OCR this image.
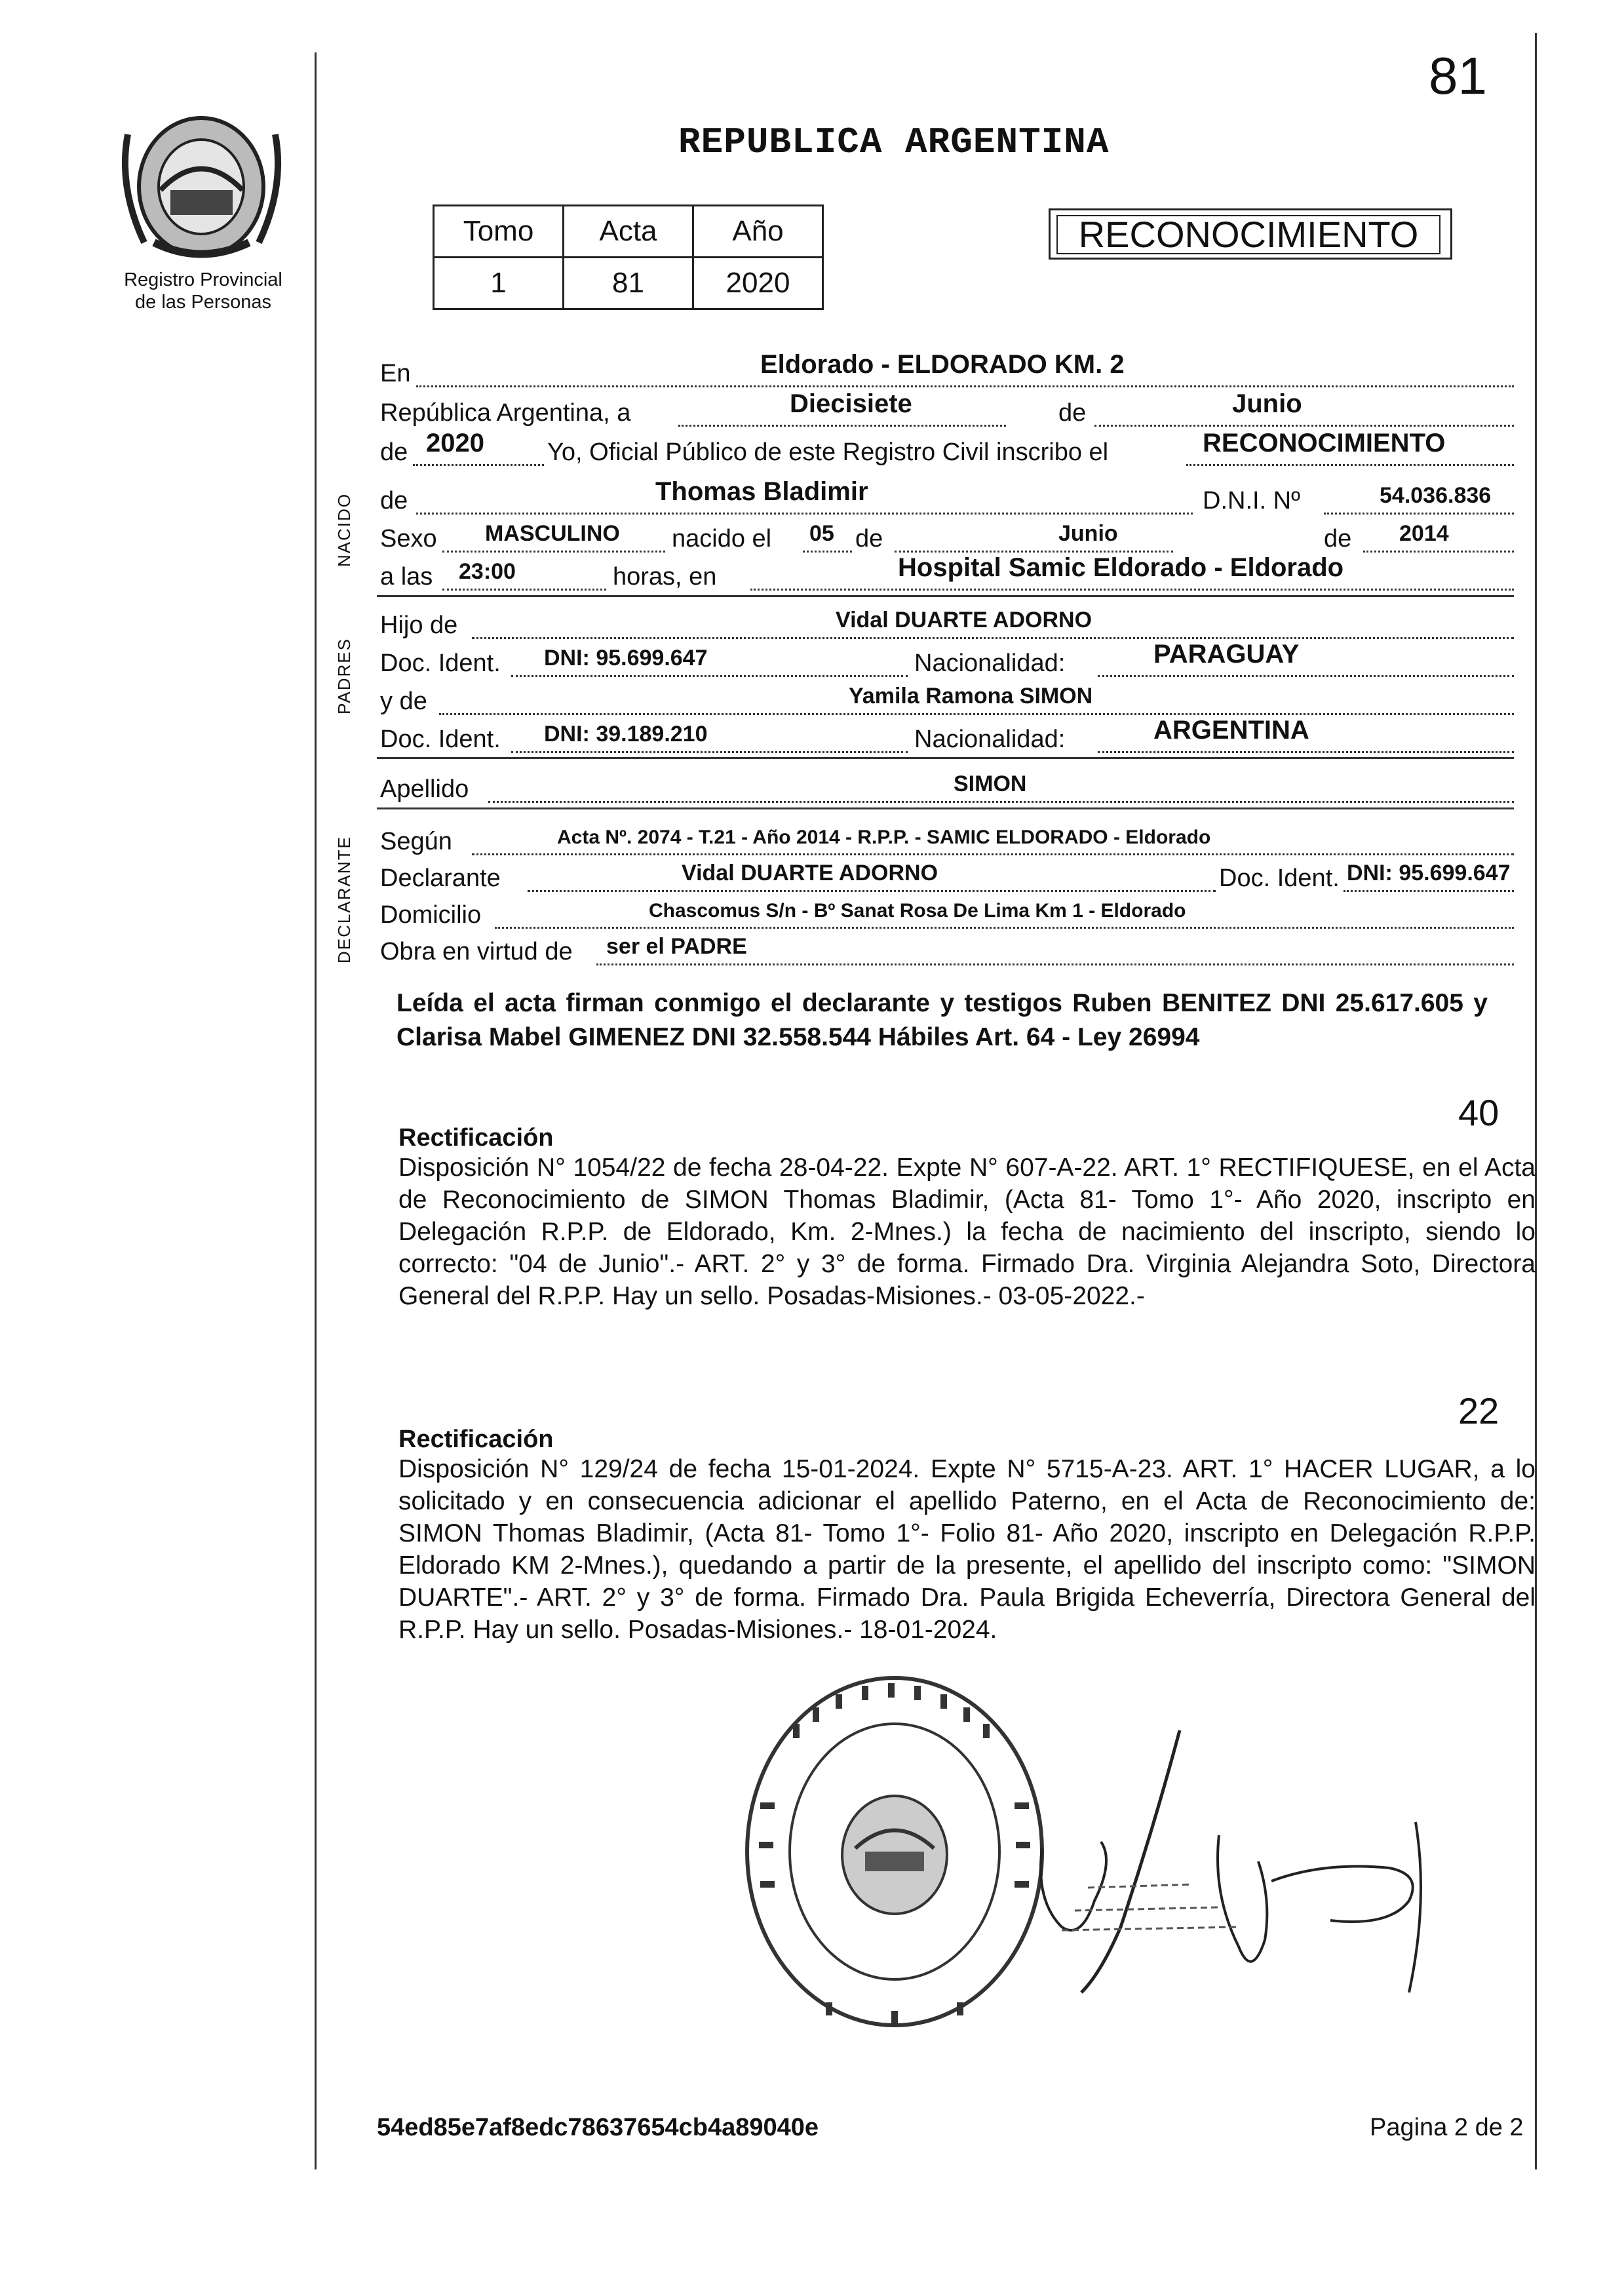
Registro Provincial
de las Personas
81
REPUBLICA ARGENTINA
Tomo	Acta	Año
1	81	2020
RECONOCIMIENTO
En	Eldorado - ELDORADO KM. 2
República Argentina, a	Diecisiete	de	Junio
de 2020	Yo, Oficial Público de este Registro Civil inscribo el	RECONOCIMIENTO
NACIDO de	Thomas Bladimir	D.N.I. Nº	54.036.836
Sexo MASCULINO nacido el 05 de	Junio	de 2014
a las 23:00	horas, en	Hospital Samic Eldorado - Eldorado
PADRES
Hijo de	Vidal DUARTE ADORNO
Doc. Ident. DNI: 95.699.647	Nacionalidad:	PARAGUAY
y de	Yamila Ramona SIMON
Doc. Ident. DNI: 39.189.210	Nacionalidad:	ARGENTINA
Apellido	SIMON
DECLARANTE Según	Acta Nº. 2074 - T.21 - Año 2014 - R.P.P. - SAMIC ELDORADO - Eldorado
Declarante	Vidal DUARTE ADORNO	Doc. Ident. DNI: 95.699.647
Domicilio	Chascomus S/n - Bº Sanat Rosa De Lima Km 1 - Eldorado
Obra en virtud de ser el PADRE
Leída el acta firman conmigo el declarante y testigos Ruben BENITEZ DNI 25.617.605 y Clarisa Mabel GIMENEZ DNI 32.558.544 Hábiles Art. 64 - Ley 26994
40
Rectificación
Disposición N° 1054/22 de fecha 28-04-22. Expte N° 607-A-22. ART. 1° RECTIFIQUESE, en el Acta de Reconocimiento de SIMON Thomas Bladimir, (Acta 81- Tomo 1°- Año 2020, inscripto en Delegación R.P.P. de Eldorado, Km. 2-Mnes.) la fecha de nacimiento del inscripto, siendo lo correcto: "04 de Junio".- ART. 2° y 3° de forma. Firmado Dra. Virginia Alejandra Soto, Directora General del R.P.P. Hay un sello. Posadas-Misiones.- 03-05-2022.-
22
Rectificación
Disposición N° 129/24 de fecha 15-01-2024. Expte N° 5715-A-23. ART. 1° HACER LUGAR, a lo solicitado y en consecuencia adicionar el apellido Paterno, en el Acta de Reconocimiento de: SIMON Thomas Bladimir, (Acta 81- Tomo 1°- Folio 81- Año 2020, inscripto en Delegación R.P.P. Eldorado KM 2-Mnes.), quedando a partir de la presente, el apellido del inscripto como: "SIMON DUARTE".- ART. 2° y 3° de forma. Firmado Dra. Paula Brigida Echeverría, Directora General del R.P.P. Hay un sello. Posadas-Misiones.- 18-01-2024.
54ed85e7af8edc78637654cb4a89040e	Pagina 2 de 2
